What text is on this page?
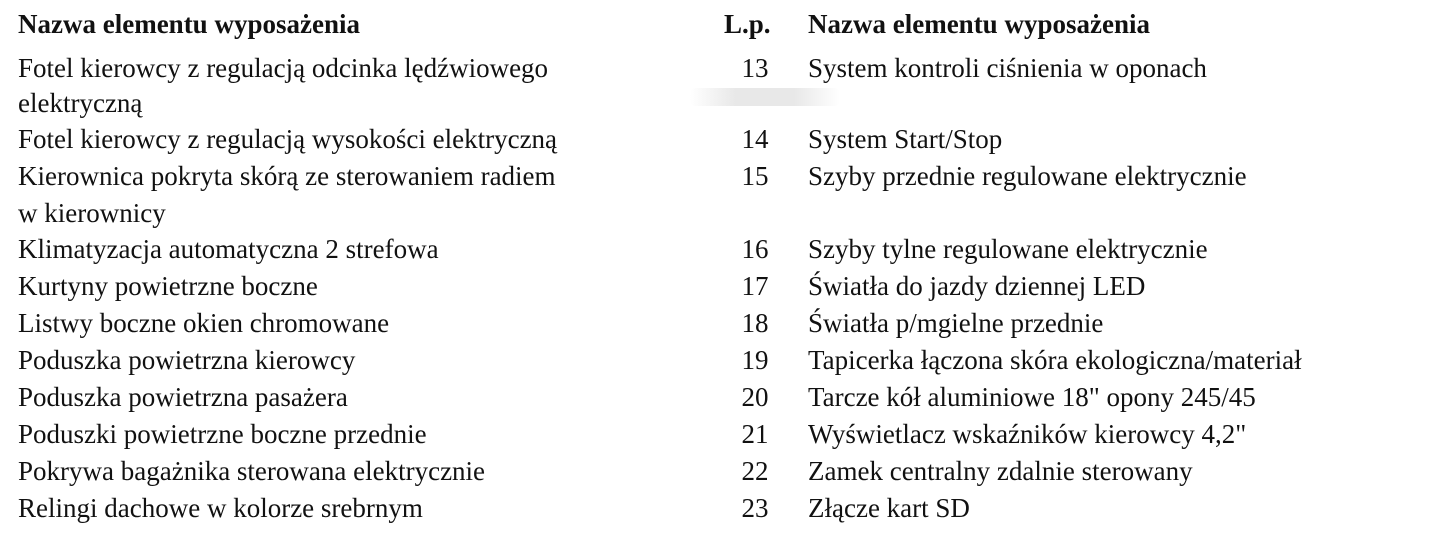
Nazwa elementu wyposażenia	L.p. Nazwa elementu wyposażenia
Fotel kierowcy z regulacją odcinka lędźwiowego
elektryczną
Fotel kierowcy z regulacją wysokości elektryczną
Kierownica pokryta skórą ze sterowaniem radiem
w kierownicy
Klimatyzacja automatyczna 2 strefowa
Kurtyny powietrzne boczne
Listwy boczne okien chromowane
Poduszka powietrzna kierowcy
Poduszka powietrzna pasażera
Poduszki powietrzne boczne przednie
Pokrywa bagażnika sterowana elektrycznie
Relingi dachowe w kolorze srebrnym
13
14
15
16
17
18
19
20
21
22
23
System kontroli ciśnienia w oponach
System Start/Stop
Szyby przednie regulowane elektrycznie
Szyby tylne regulowane elektrycznie
Światła do jazdy dziennej LED
Światła p/mgielne przednie
Tapicerka łączona skóra ekologiczna/materiał
Tarcze kół aluminiowe 18" opony 245/45
Wyświetlacz wskaźników kierowcy 4,2"
Zamek centralny zdalnie sterowany
Złącze kart SD
